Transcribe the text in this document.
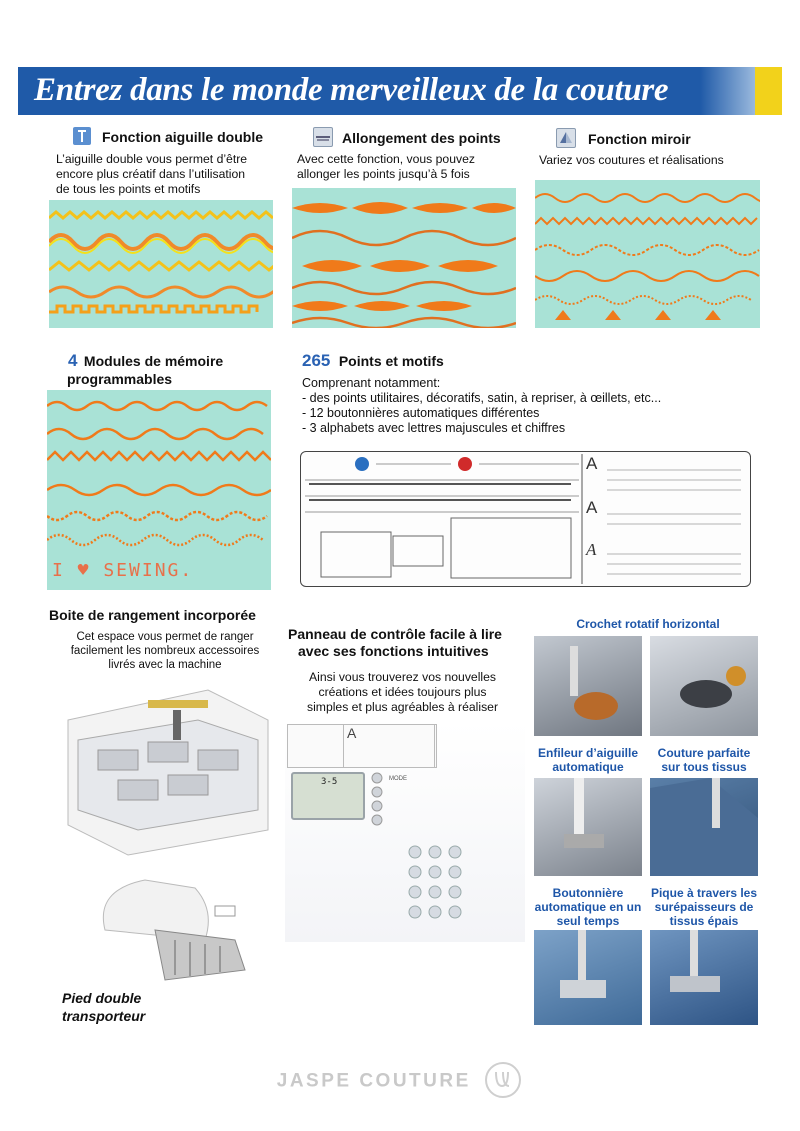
Entrez dans le monde merveilleux de la couture
Fonction aiguille double
L’aiguille double vous permet d’être
encore plus créatif dans l’utilisation
de tous les points et motifs
Allongement des points
Avec cette fonction, vous pouvez
allonger les points jusqu’à 5 fois
Fonction miroir
Variez vos coutures et réalisations
4 Modules de mémoire
programmables
I ♥ SEWING.
265 Points et motifs
Comprenant notamment:
- des points utilitaires, décoratifs, satin, à repriser, à œillets, etc...
- 12 boutonnières automatiques différentes
- 3 alphabets avec lettres majuscules et chiffres
A
A
A
Boite de rangement incorporée
Cet espace vous permet de ranger
facilement les nombreux accessoires
livrés avec la machine
Pied double
transporteur
Panneau de contrôle facile à lire
avec ses fonctions intuitives
Ainsi vous trouverez vos nouvelles
créations et idées toujours plus
simples et plus agréables à réaliser
A
3-5	MODE
Crochet rotatif horizontal
Enfileur d’aiguille
automatique
Couture parfaite
sur tous tissus
Boutonnière
automatique en un
seul temps
Pique à travers les
surépaisseurs de
tissus épais
JASPE COUTURE
